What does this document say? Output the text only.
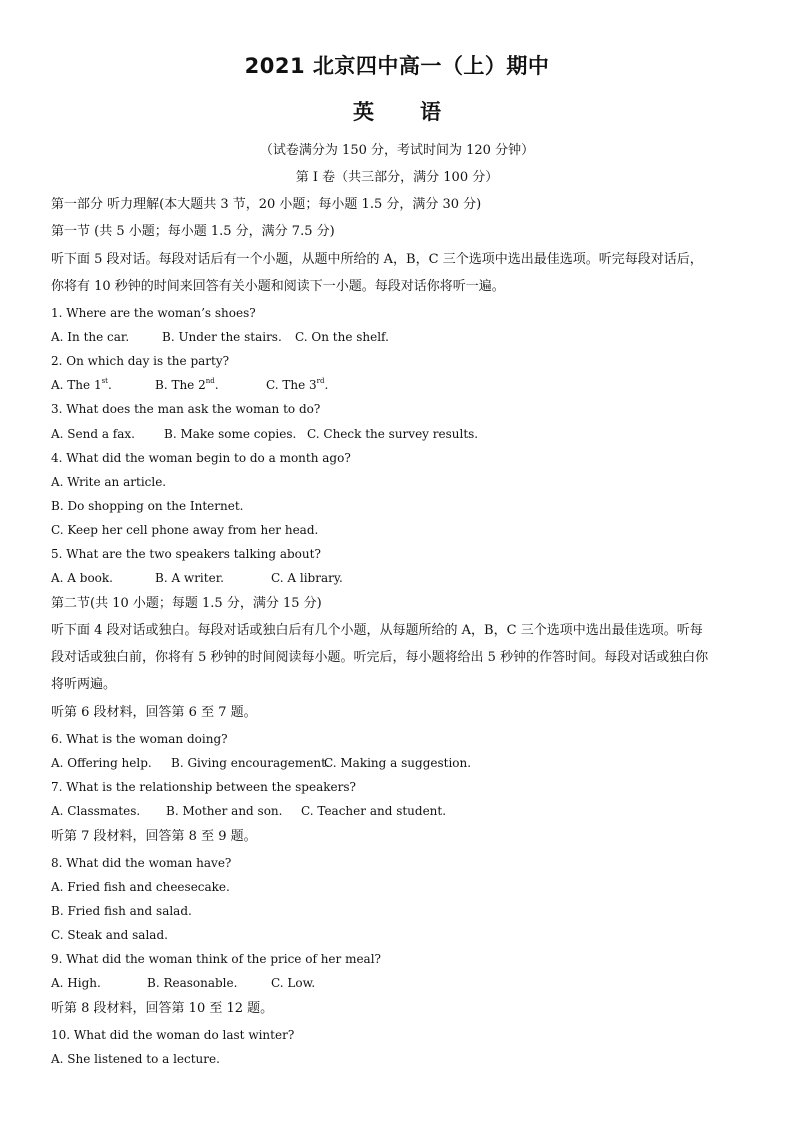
2021 北京四中高一（上）期中
英 语
（试卷满分为 150 分，考试时间为 120 分钟）
第 I 卷（共三部分，满分 100 分）
第一部分 听力理解(本大题共 3 节，20 小题；每小题 1.5 分，满分 30 分)
第一节 (共 5 小题；每小题 1.5 分，满分 7.5 分)
听下面 5 段对话。每段对话后有一个小题，从题中所给的 A，B，C 三个选项中选出最佳选项。听完每段对话后，
你将有 10 秒钟的时间来回答有关小题和阅读下一小题。每段对话你将听一遍。
1. Where are the woman’s shoes?
A. In the car.	B. Under the stairs. C. On the shelf.
2. On which day is the party?
A. The 1st.	B. The 2nd.	C. The 3rd.
3. What does the man ask the woman to do?
A. Send a fax. B. Make some copies. C. Check the survey results.
4. What did the woman begin to do a month ago?
A. Write an article.
B. Do shopping on the Internet.
C. Keep her cell phone away from her head.
5. What are the two speakers talking about?
A. A book.	B. A writer.	C. A library.
第二节(共 10 小题；每题 1.5 分，满分 15 分)
听下面 4 段对话或独白。每段对话或独白后有几个小题，从每题所给的 A，B，C 三个选项中选出最佳选项。听每
段对话或独白前，你将有 5 秒钟的时间阅读每小题。听完后，每小题将给出 5 秒钟的作答时间。每段对话或独白你
将听两遍。
听第 6 段材料，回答第 6 至 7 题。
6. What is the woman doing?
A. Offering help. B. Giving encouragement.
C. Making a suggestion.
7. What is the relationship between the speakers?
A. Classmates. B. Mother and son. C. Teacher and student.
听第 7 段材料，回答第 8 至 9 题。
8. What did the woman have?
A. Fried fish and cheesecake.
B. Fried fish and salad.
C. Steak and salad.
9. What did the woman think of the price of her meal?
A. High.	B. Reasonable.	C. Low.
听第 8 段材料，回答第 10 至 12 题。
10. What did the woman do last winter?
A. She listened to a lecture.
